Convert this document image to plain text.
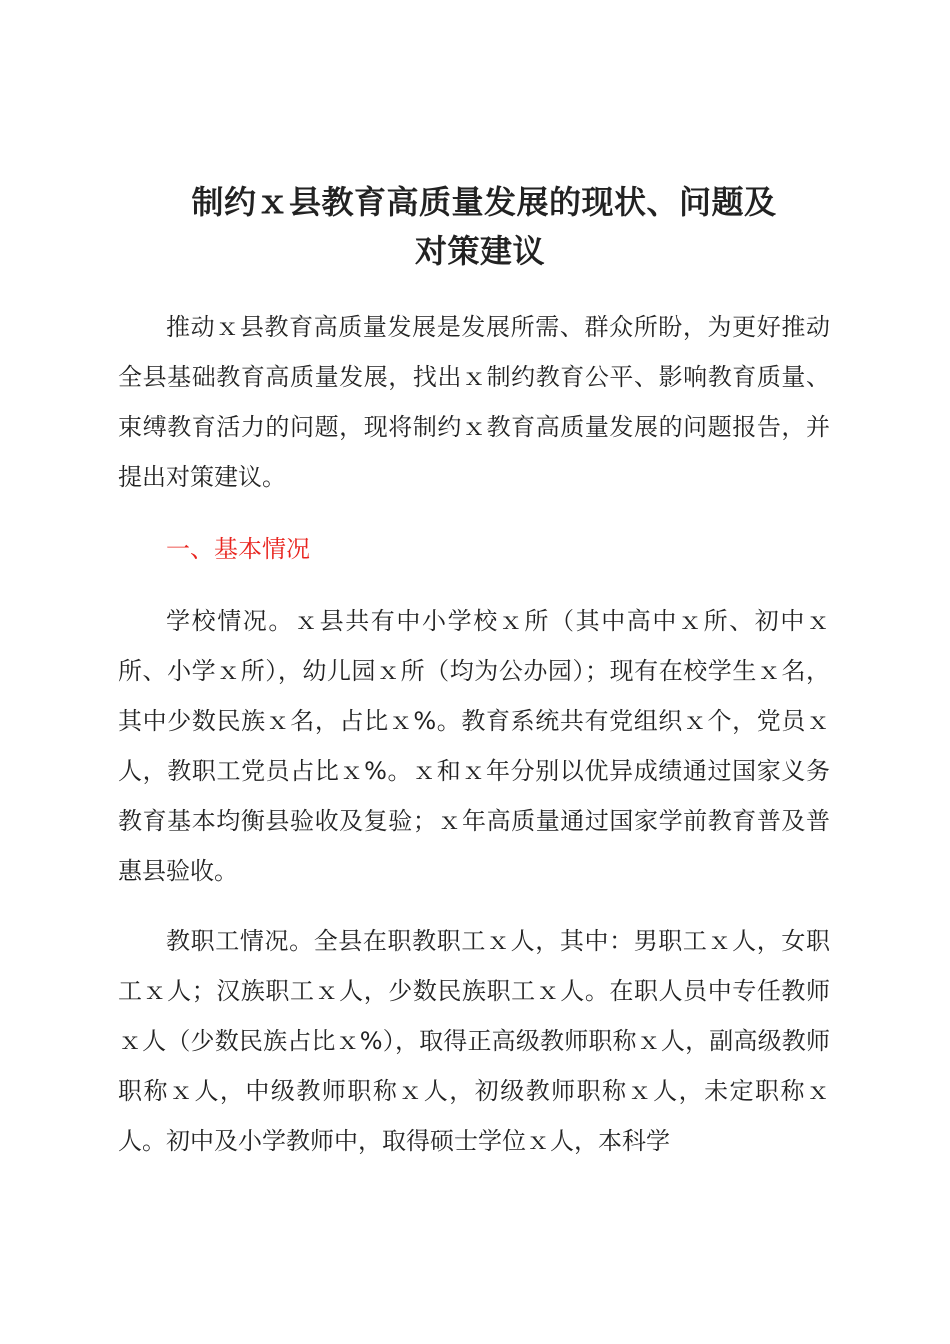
制约ｘ县教育高质量发展的现状、问题及
对策建议

推动ｘ县教育高质量发展是发展所需、群众所盼，为更好推动全县基础教育高质量发展，找出ｘ制约教育公平、影响教育质量、束缚教育活力的问题，现将制约ｘ教育高质量发展的问题报告，并提出对策建议。

一、基本情况

学校情况。ｘ县共有中小学校ｘ所（其中高中ｘ所、初中ｘ所、小学ｘ所），幼儿园ｘ所（均为公办园）；现有在校学生ｘ名，其中少数民族ｘ名，占比ｘ%。教育系统共有党组织ｘ个，党员ｘ人，教职工党员占比ｘ%。ｘ和ｘ年分别以优异成绩通过国家义务教育基本均衡县验收及复验；ｘ年高质量通过国家学前教育普及普惠县验收。

教职工情况。全县在职教职工ｘ人，其中：男职工ｘ人，女职工ｘ人；汉族职工ｘ人，少数民族职工ｘ人。在职人员中专任教师ｘ人（少数民族占比ｘ%），取得正高级教师职称ｘ人，副高级教师职称ｘ人，中级教师职称ｘ人，初级教师职称ｘ人，未定职称ｘ人。初中及小学教师中，取得硕士学位ｘ人，本科学
